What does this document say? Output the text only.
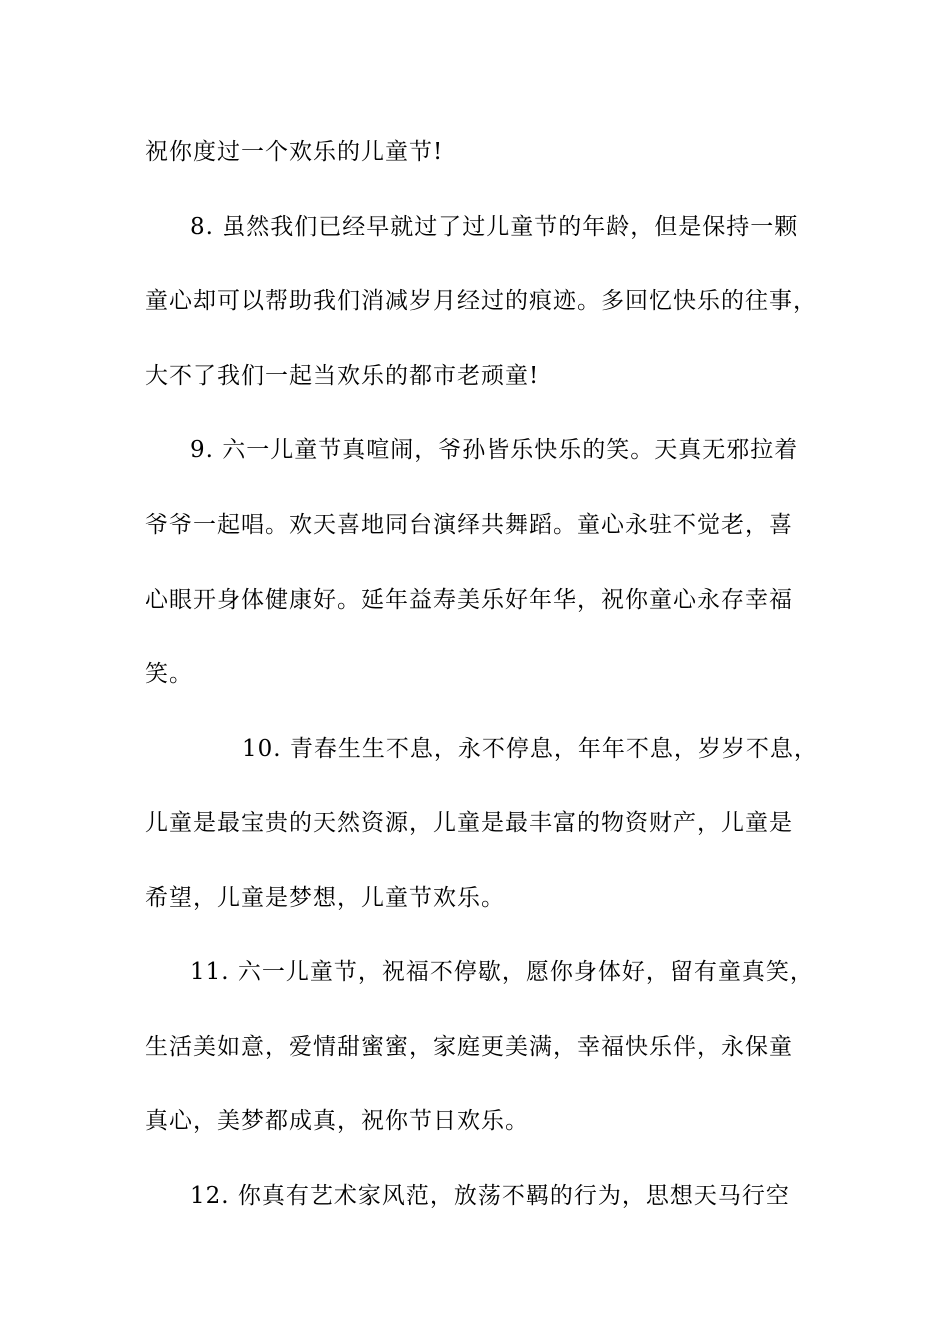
祝你度过一个欢乐的儿童节!
8. 虽然我们已经早就过了过儿童节的年龄，但是保持一颗
童心却可以帮助我们消减岁月经过的痕迹。多回忆快乐的往事，
大不了我们一起当欢乐的都市老顽童!
9. 六一儿童节真喧闹，爷孙皆乐快乐的笑。天真无邪拉着
爷爷一起唱。欢天喜地同台演绎共舞蹈。童心永驻不觉老，喜
心眼开身体健康好。延年益寿美乐好年华，祝你童心永存幸福
笑。
10. 青春生生不息，永不停息，年年不息，岁岁不息，
儿童是最宝贵的天然资源，儿童是最丰富的物资财产，儿童是
希望，儿童是梦想，儿童节欢乐。
11. 六一儿童节，祝福不停歇，愿你身体好，留有童真笑，
生活美如意，爱情甜蜜蜜，家庭更美满，幸福快乐伴，永保童
真心，美梦都成真，祝你节日欢乐。
12. 你真有艺术家风范，放荡不羁的行为，思想天马行空
